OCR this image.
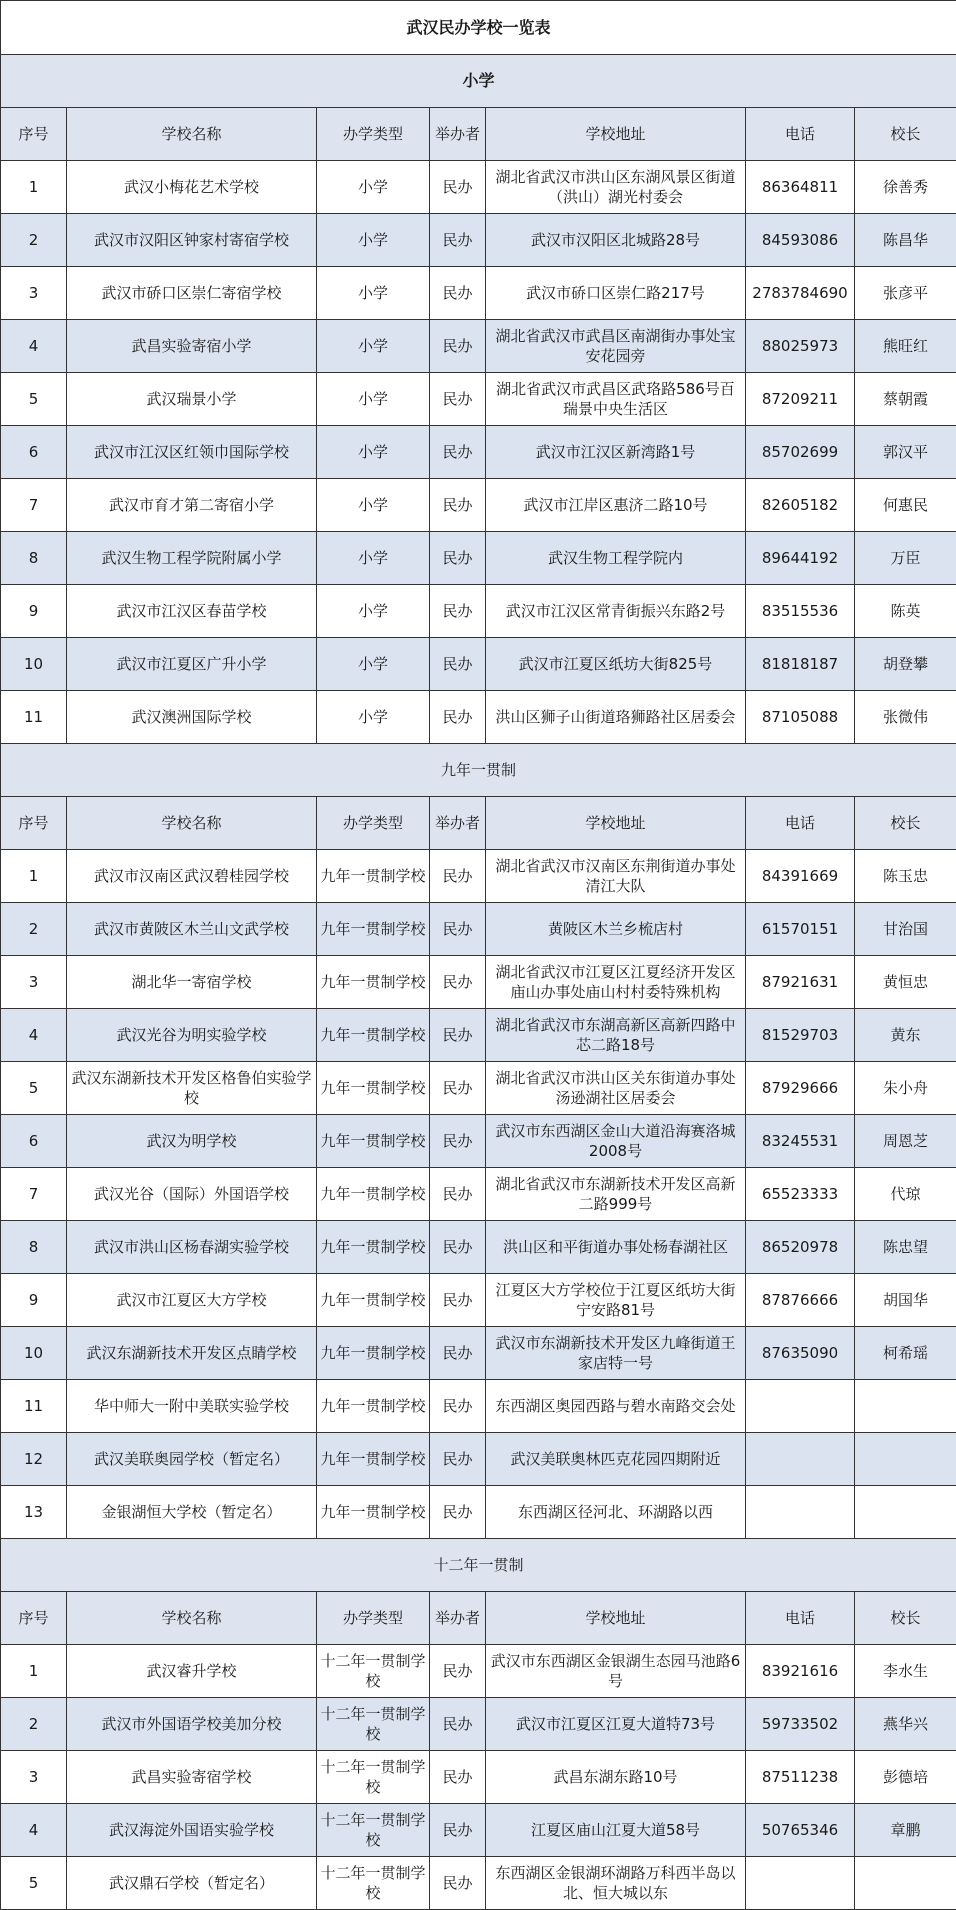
武汉民办学校一览表						
小学						
序号	学校名称	办学类型	举办者	学校地址	电话	校长
1	武汉小梅花艺术学校	小学	民办	湖北省武汉市洪山区东湖风景区街道（洪山）湖光村委会	86364811	徐善秀
2	武汉市汉阳区钟家村寄宿学校	小学	民办	武汉市汉阳区北城路28号	84593086	陈昌华
3	武汉市硚口区崇仁寄宿学校	小学	民办	武汉市硚口区崇仁路217号	2783784690	张彦平
4	武昌实验寄宿小学	小学	民办	湖北省武汉市武昌区南湖街办事处宝安花园旁	88025973	熊旺红
5	武汉瑞景小学	小学	民办	湖北省武汉市武昌区武珞路586号百瑞景中央生活区	87209211	蔡朝霞
6	武汉市江汉区红领巾国际学校	小学	民办	武汉市江汉区新湾路1号	85702699	郭汉平
7	武汉市育才第二寄宿小学	小学	民办	武汉市江岸区惠济二路10号	82605182	何惠民
8	武汉生物工程学院附属小学	小学	民办	武汉生物工程学院内	89644192	万臣
9	武汉市江汉区春苗学校	小学	民办	武汉市江汉区常青街振兴东路2号	83515536	陈英
10	武汉市江夏区广升小学	小学	民办	武汉市江夏区纸坊大街825号	81818187	胡登攀
11	武汉澳洲国际学校	小学	民办	洪山区狮子山街道珞狮路社区居委会	87105088	张微伟
九年一贯制						
序号	学校名称	办学类型	举办者	学校地址	电话	校长
1	武汉市汉南区武汉碧桂园学校	九年一贯制学校	民办	湖北省武汉市汉南区东荆街道办事处清江大队	84391669	陈玉忠
2	武汉市黄陂区木兰山文武学校	九年一贯制学校	民办	黄陂区木兰乡梳店村	61570151	甘治国
3	湖北华一寄宿学校	九年一贯制学校	民办	湖北省武汉市江夏区江夏经济开发区庙山办事处庙山村村委特殊机构	87921631	黄恒忠
4	武汉光谷为明实验学校	九年一贯制学校	民办	湖北省武汉市东湖高新区高新四路中芯二路18号	81529703	黄东
5	武汉东湖新技术开发区格鲁伯实验学校	九年一贯制学校	民办	湖北省武汉市洪山区关东街道办事处汤逊湖社区居委会	87929666	朱小舟
6	武汉为明学校	九年一贯制学校	民办	武汉市东西湖区金山大道沿海赛洛城2008号	83245531	周恩芝
7	武汉光谷（国际）外国语学校	九年一贯制学校	民办	湖北省武汉市东湖新技术开发区高新二路999号	65523333	代琼
8	武汉市洪山区杨春湖实验学校	九年一贯制学校	民办	洪山区和平街道办事处杨春湖社区	86520978	陈忠望
9	武汉市江夏区大方学校	九年一贯制学校	民办	江夏区大方学校位于江夏区纸坊大街宁安路81号	87876666	胡国华
10	武汉东湖新技术开发区点睛学校	九年一贯制学校	民办	武汉市东湖新技术开发区九峰街道王家店特一号	87635090	柯希瑶
11	华中师大一附中美联实验学校	九年一贯制学校	民办	东西湖区奥园西路与碧水南路交会处		
12	武汉美联奥园学校（暂定名）	九年一贯制学校	民办	武汉美联奥林匹克花园四期附近		
13	金银湖恒大学校（暂定名）	九年一贯制学校	民办	东西湖区径河北、环湖路以西		
十二年一贯制						
序号	学校名称	办学类型	举办者	学校地址	电话	校长
1	武汉睿升学校	十二年一贯制学校	民办	武汉市东西湖区金银湖生态园马池路6号	83921616	李水生
2	武汉市外国语学校美加分校	十二年一贯制学校	民办	武汉市江夏区江夏大道特73号	59733502	燕华兴
3	武昌实验寄宿学校	十二年一贯制学校	民办	武昌东湖东路10号	87511238	彭德培
4	武汉海淀外国语实验学校	十二年一贯制学校	民办	江夏区庙山江夏大道58号	50765346	章鹏
5	武汉鼎石学校（暂定名）	十二年一贯制学校	民办	东西湖区金银湖环湖路万科西半岛以北、恒大城以东		
